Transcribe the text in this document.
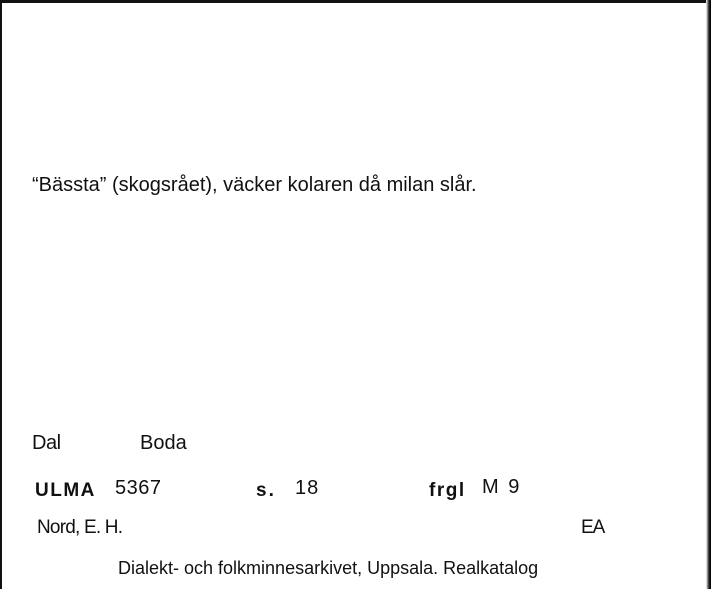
“Bässta” (skogsrået), väcker kolaren då milan slår.
Dal	Boda
ULMA 5367	s. 18	frgl M 9
Nord, E. H.	EA
Dialekt- och folkminnesarkivet, Uppsala. Realkatalog
